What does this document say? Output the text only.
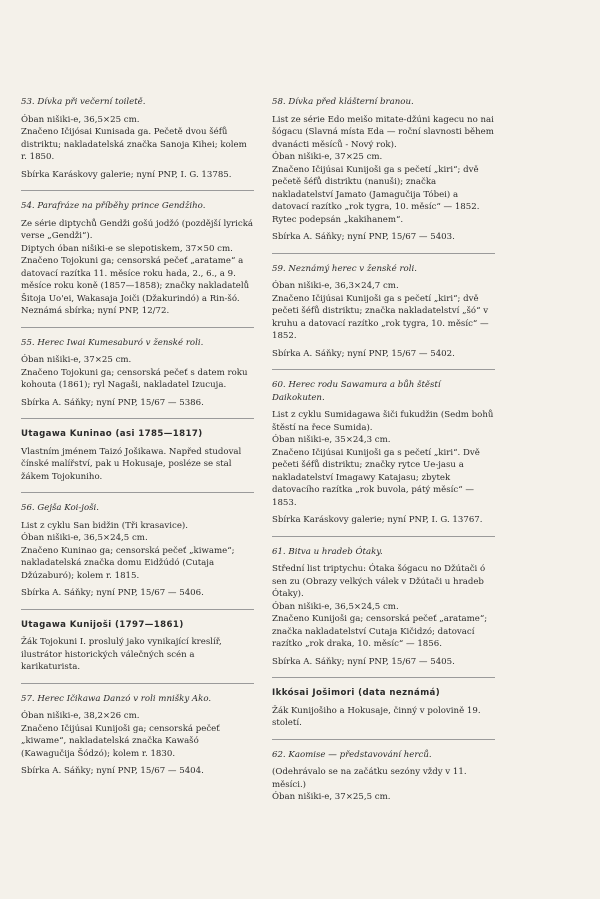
53. Dívka při večerní toiletě.
Óban nišiki-e, 36,5×25 cm.
Značeno Ičijósai Kunisada ga. Pečetě dvou šéfů distriktu; nakladatelská značka Sanoja Kihei; kolem r. 1850.
Sbírka Karáskovy galerie; nyní PNP, I. G. 13785.
54. Parafráze na příběhy prince Gendžiho.
Ze série diptychů Gendži gošú jodžó (pozdější lyrická verse „Gendži“).
Diptych óban nišiki-e se slepotiskem, 37×50 cm.
Značeno Tojokuni ga; censorská pečeť „aratame“ a datovací razítka 11. měsíce roku hada, 2., 6., a 9. měsíce roku koně (1857—1858); značky nakladatelů Šitoja Uo'ei, Wakasaja Joiči (Džakurindó) a Rin-šó. Neznámá sbírka; nyní PNP, 12/72.
55. Herec Iwai Kumesaburó v ženské roli.
Óban nišiki-e, 37×25 cm.
Značeno Tojokuni ga; censorská pečeť s datem roku kohouta (1861); ryl Nagaši, nakladatel Izucuja.
Sbírka A. Sáňky; nyní PNP, 15/67 — 5386.
Utagawa Kuninao (asi 1785—1817)
Vlastním jménem Taizó Jošikawa. Napřed studoval čínské malířství, pak u Hokusaje, posléze se stal žákem Tojokuniho.
56. Gejša Koi-joši.
List z cyklu San bidžin (Tři krasavice).
Óban nišiki-e, 36,5×24,5 cm.
Značeno Kuninao ga; censorská pečeť „kiwame“; nakladatelská značka domu Eidžúdó (Cutaja Džúzaburó); kolem r. 1815.
Sbírka A. Sáňky; nyní PNP, 15/67 — 5406.
Utagawa Kunijoši (1797—1861)
Žák Tojokuni I. proslulý jako vynikající kreslíř, ilustrátor historických válečných scén a karikaturista.
57. Herec Ičikawa Danzó v roli mnišky Ako.
Óban nišiki-e, 38,2×26 cm.
Značeno Ičijúsai Kunijoši ga; censorská pečeť „kiwame“, nakladatelská značka Kawašó (Kawagučija Šódzó); kolem r. 1830.
Sbírka A. Sáňky; nyní PNP, 15/67 — 5404.
58. Dívka před klášterní branou.
List ze série Edo meišo mitate-džúni kagecu no nai šógacu (Slavná místa Eda — roční slavnosti během dvanácti měsíců - Nový rok).
Óban nišiki-e, 37×25 cm.
Značeno Ičijúsai Kunijoši ga s pečetí „kiri“; dvě pečetě šéfů distriktu (nanuši); značka nakladatelství Jamato (Jamagučija Tóbei) a datovací razítko „rok tygra, 10. měsíc“ — 1852. Rytec podepsán „kakihanem“.
Sbírka A. Sáňky; nyní PNP, 15/67 — 5403.
59. Neznámý herec v ženské roli.
Óban nišiki-e, 36,3×24,7 cm.
Značeno Ičijúsai Kunijoši ga s pečetí „kiri“; dvě pečeti šéfů distriktu; značka nakladatelství „šó“ v kruhu a datovací razítko „rok tygra, 10. měsíc“ — 1852.
Sbírka A. Sáňky; nyní PNP, 15/67 — 5402.
60. Herec rodu Sawamura a bůh štěstí Daikokuten.
List z cyklu Sumidagawa šiči fukudžin (Sedm bohů štěstí na řece Sumida).
Óban nišiki-e, 35×24,3 cm.
Značeno Ičijúsai Kunijoši ga s pečetí „kiri“. Dvě pečeti šéfů distriktu; značky rytce Ue-jasu a nakladatelství Imagawy Katajasu; zbytek datovacího razítka „rok buvola, pátý měsíc“ — 1853.
Sbírka Karáskovy galerie; nyní PNP, I. G. 13767.
61. Bitva u hradeb Ótaky.
Střední list triptychu: Ótaka šógacu no Džútači ó sen zu (Obrazy velkých válek v Džútači u hradeb Ótaky).
Óban nišiki-e, 36,5×24,5 cm.
Značeno Kunijoši ga; censorská pečeť „aratame“; značka nakladatelství Cutaja Kičidzó; datovací razítko „rok draka, 10. měsíc“ — 1856.
Sbírka A. Sáňky; nyní PNP, 15/67 — 5405.
Ikkósai Jošimori (data neznámá)
Žák Kunijošiho a Hokusaje, činný v polovině 19. století.
62. Kaomise — představování herců.
(Odehrávalo se na začátku sezóny vždy v 11. měsíci.)
Óban nišiki-e, 37×25,5 cm.
